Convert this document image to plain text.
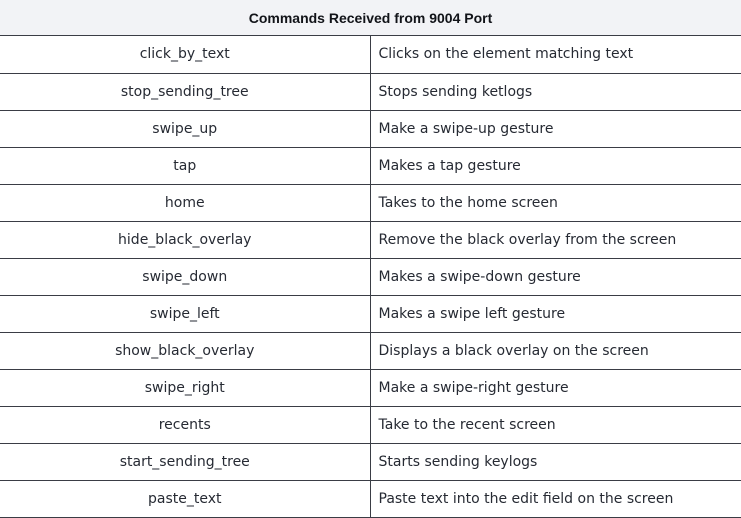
Commands Received from 9004 Port
click_by_text	Clicks on the element matching text
stop_sending_tree	Stops sending ketlogs
swipe_up	Make a swipe-up gesture
tap	Makes a tap gesture
home	Takes to the home screen
hide_black_overlay	Remove the black overlay from the screen
swipe_down	Makes a swipe-down gesture
swipe_left	Makes a swipe left gesture
show_black_overlay	Displays a black overlay on the screen
swipe_right	Make a swipe-right gesture
recents	Take to the recent screen
start_sending_tree	Starts sending keylogs
paste_text	Paste text into the edit field on the screen
